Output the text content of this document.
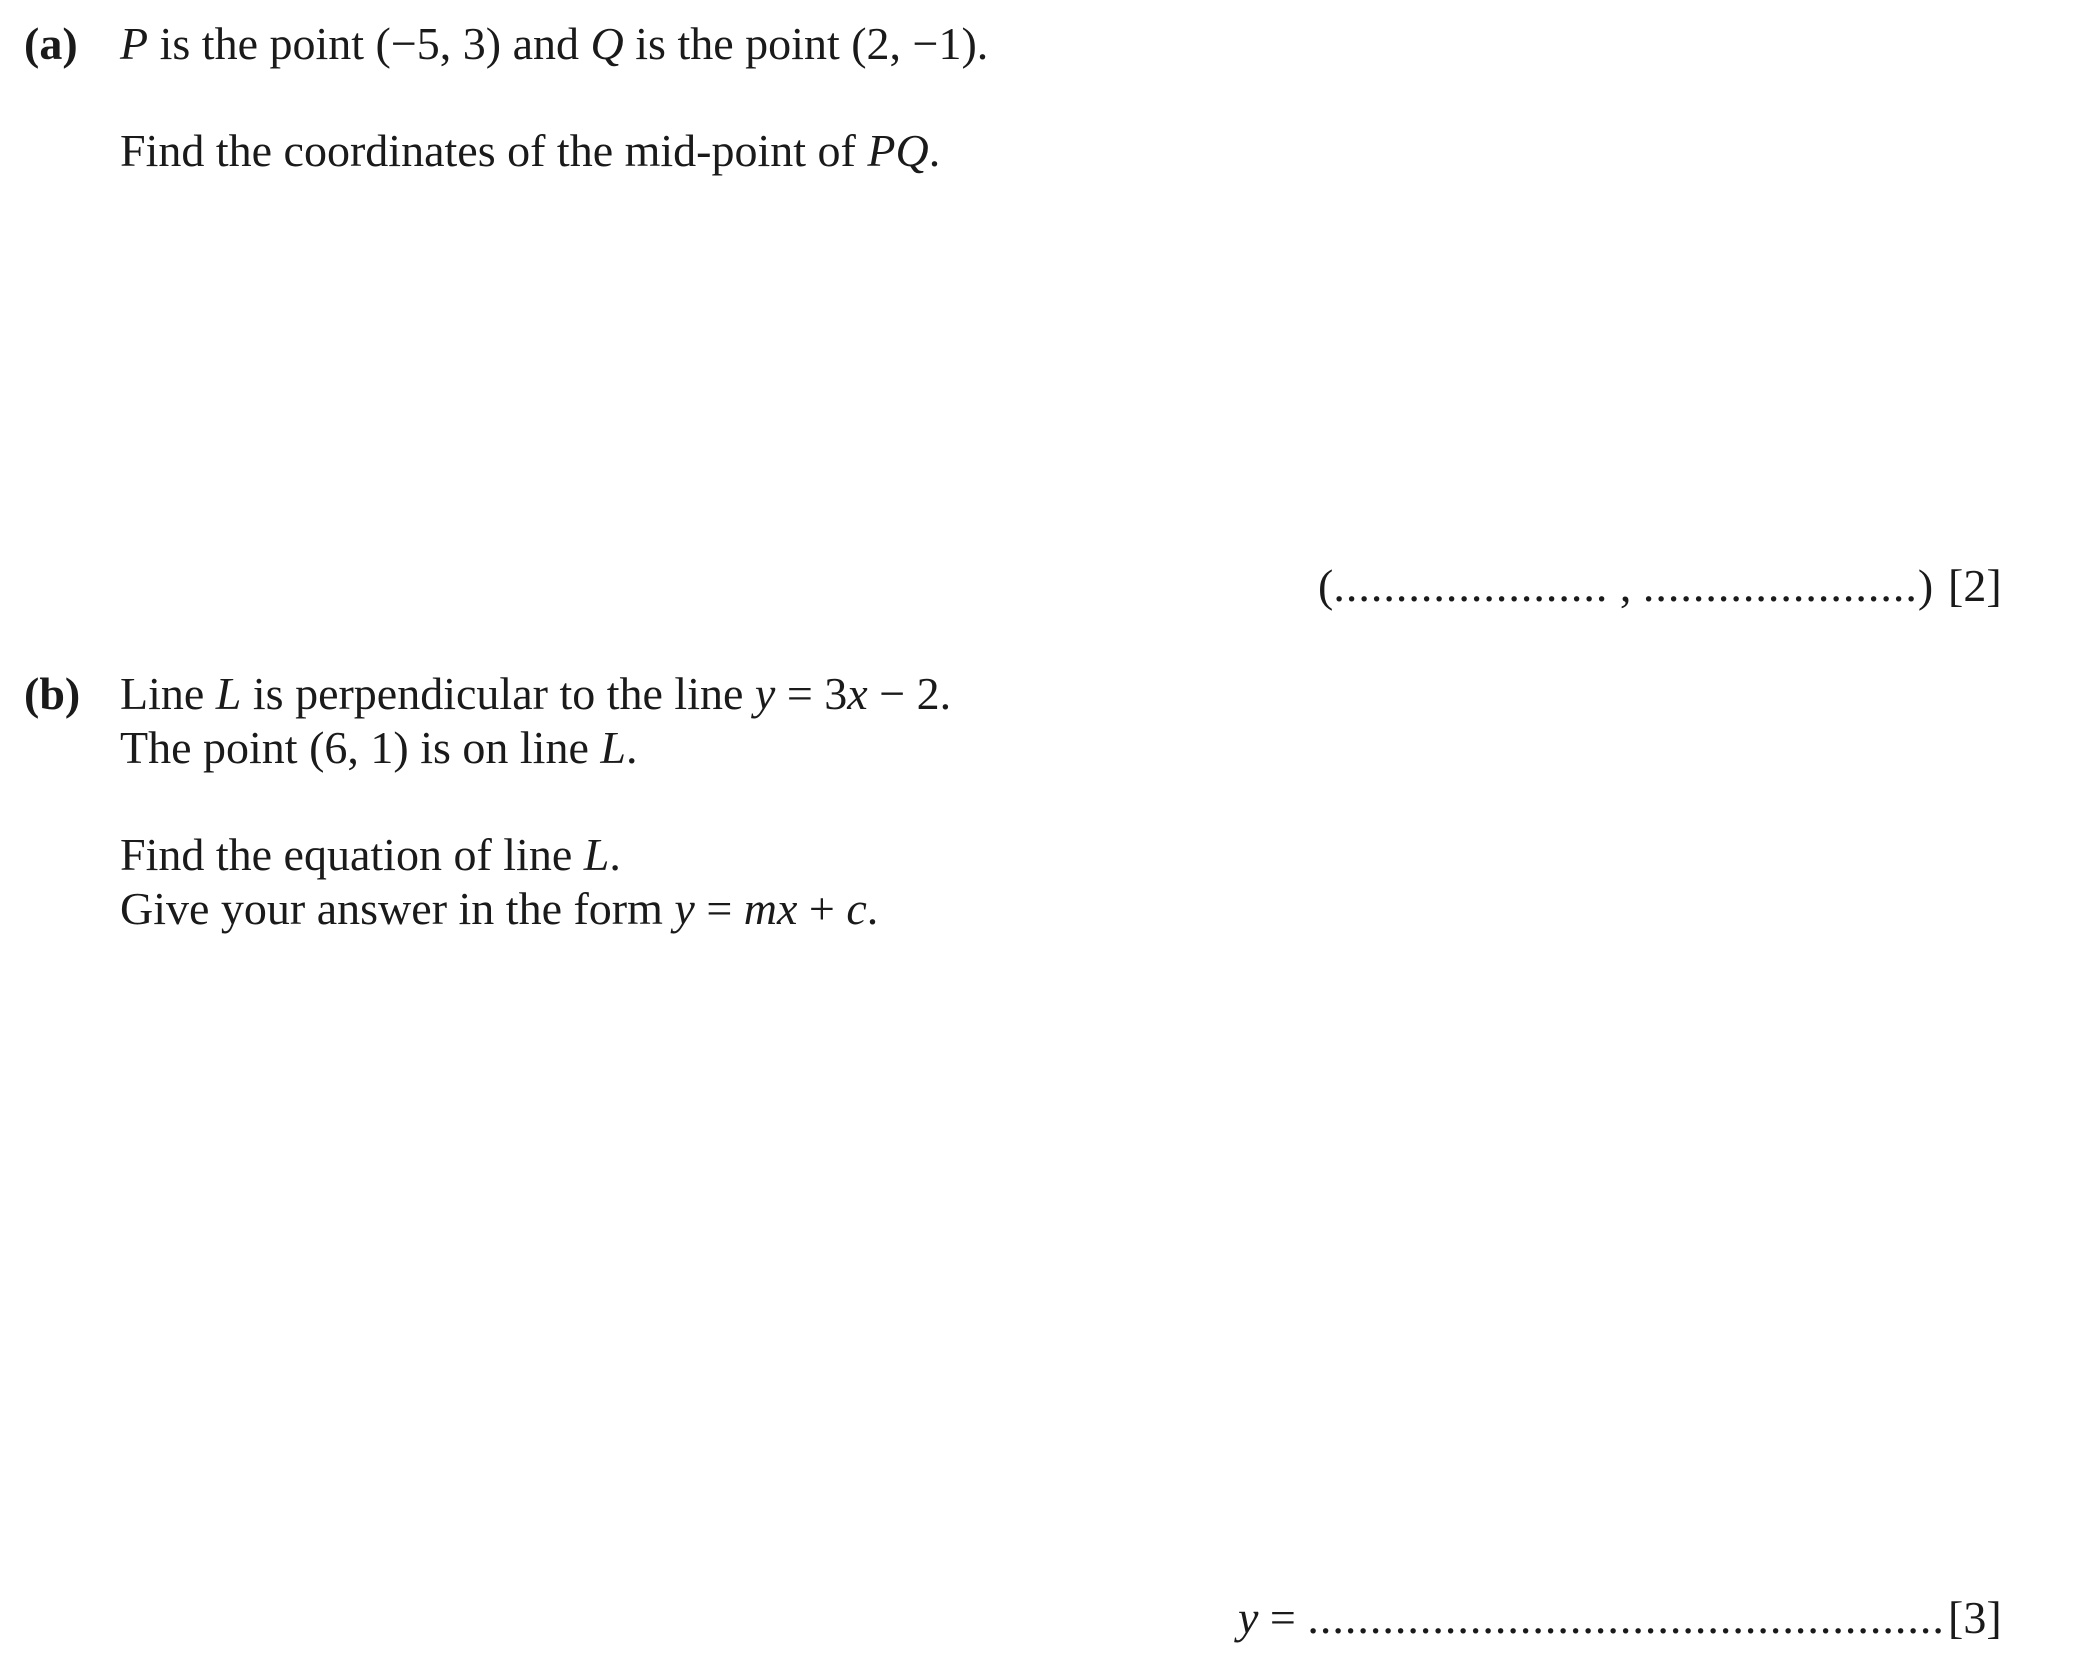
(a) P is the point (−5, 3) and Q is the point (2, −1).
Find the coordinates of the mid-point of PQ.
(...................... , ......................) [2]
(b) Line L is perpendicular to the line y = 3x − 2.
The point (6, 1) is on line L.
Find the equation of line L.
Give your answer in the form y = mx + c.
y = ................................................... [3]
